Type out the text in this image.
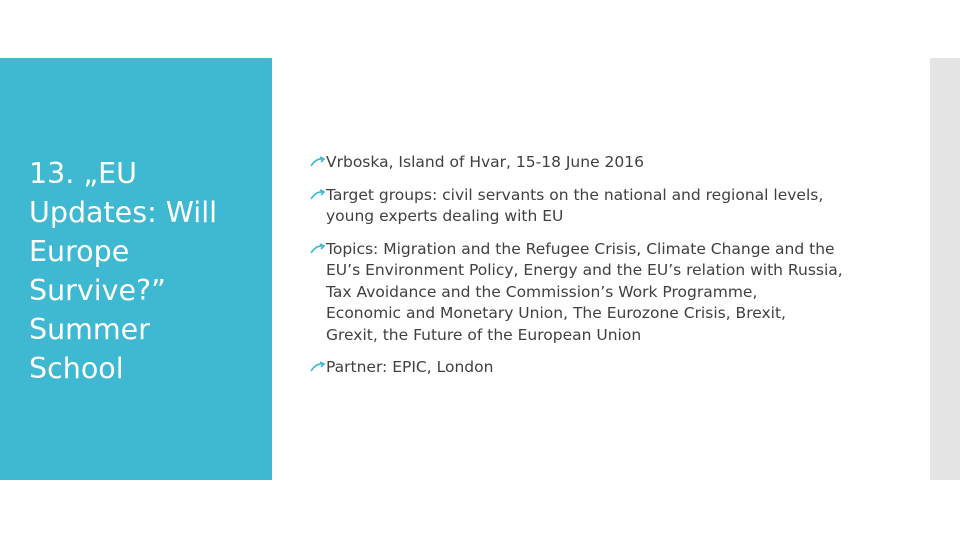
13. „EU
Updates: Will
Europe
Survive?”
Summer
School
Vrboska, Island of Hvar, 15-18 June 2016
Target groups: civil servants on the national and regional levels,
young experts dealing with EU
Topics: Migration and the Refugee Crisis, Climate Change and the
EU’s Environment Policy, Energy and the EU’s relation with Russia,
Tax Avoidance and the Commission’s Work Programme,
Economic and Monetary Union, The Eurozone Crisis, Brexit,
Grexit, the Future of the European Union
Partner: EPIC, London
